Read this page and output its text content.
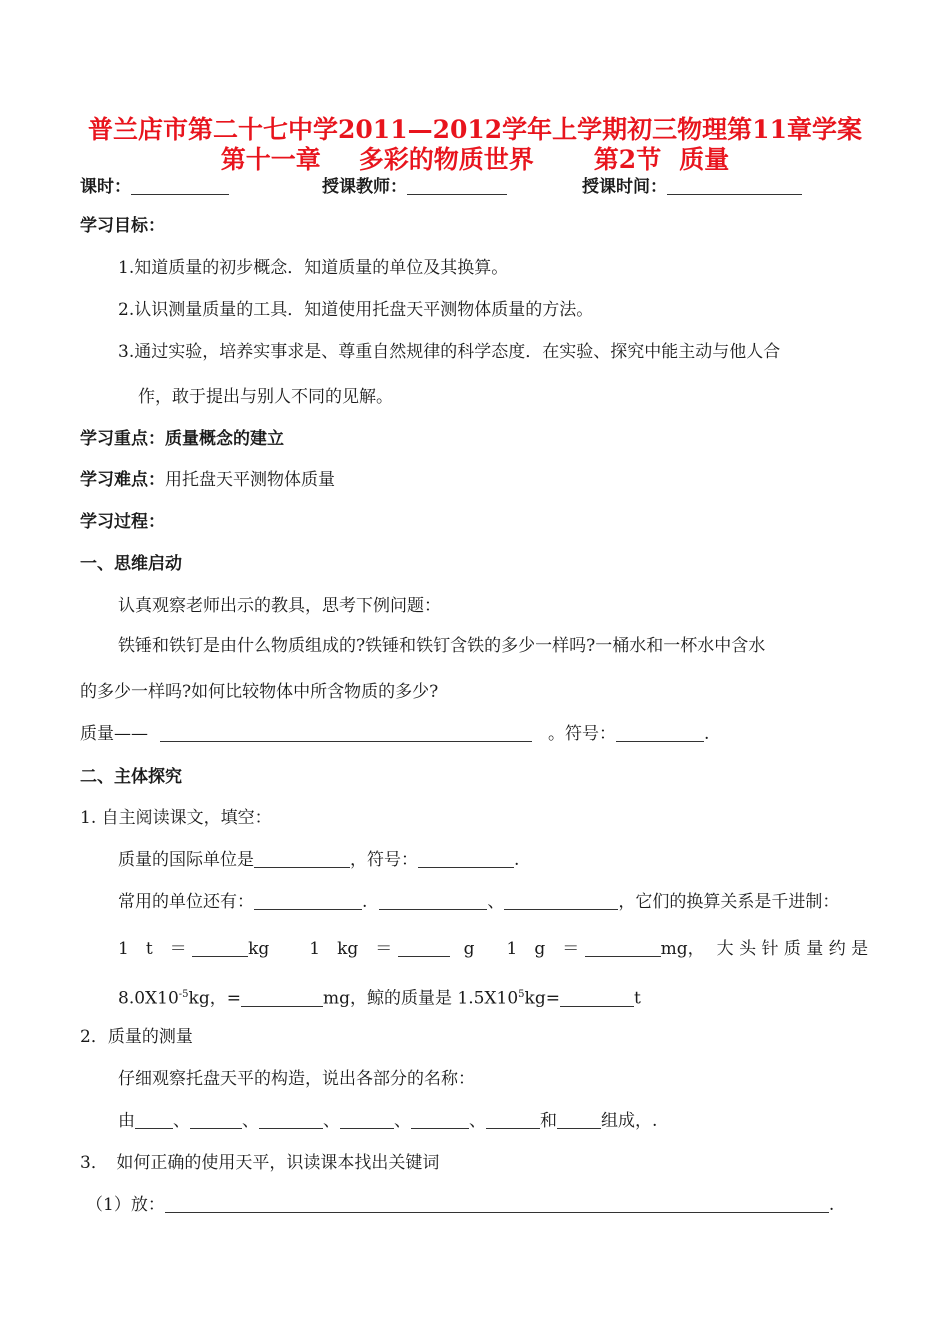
普兰店市第二十七中学2011—2012学年上学期初三物理第11章学案
第十一章 多彩的物质世界 第2节 质量
课时：	授课教师：	授课时间：
学习目标：
1.知道质量的初步概念．知道质量的单位及其换算。
2.认识测量质量的工具．知道使用托盘天平测物体质量的方法。
3.通过实验，培养实事求是、尊重自然规律的科学态度．在实验、探究中能主动与他人合
作，敢于提出与别人不同的见解。
学习重点：质量概念的建立
学习难点：用托盘天平测物体质量
学习过程：
一、思维启动
认真观察老师出示的教具，思考下例问题：
铁锤和铁钉是由什么物质组成的?铁锤和铁钉含铁的多少一样吗?一桶水和一杯水中含水
的多少一样吗?如何比较物体中所含物质的多少?
质量——	。符号：	.
二、主体探究
1. 自主阅读课文，填空：
质量的国际单位是	，符号：	.
常用的单位还有：	.	、	，它们的换算关系是千进制：
1　t　＝	kg 1　kg　＝	g 1　g　＝	mg， 大 头 针 质 量 约 是
$8.0X10^{-5}kg$，=	mg，鲸的质量是 $1.5X10^5kg=$	t
2．质量的测量
仔细观察托盘天平的构造，说出各部分的名称：
由 、	、	、	、	、	和	组成，.
3．　如何正确的使用天平，识读课本找出关键词
（1）放：	.
